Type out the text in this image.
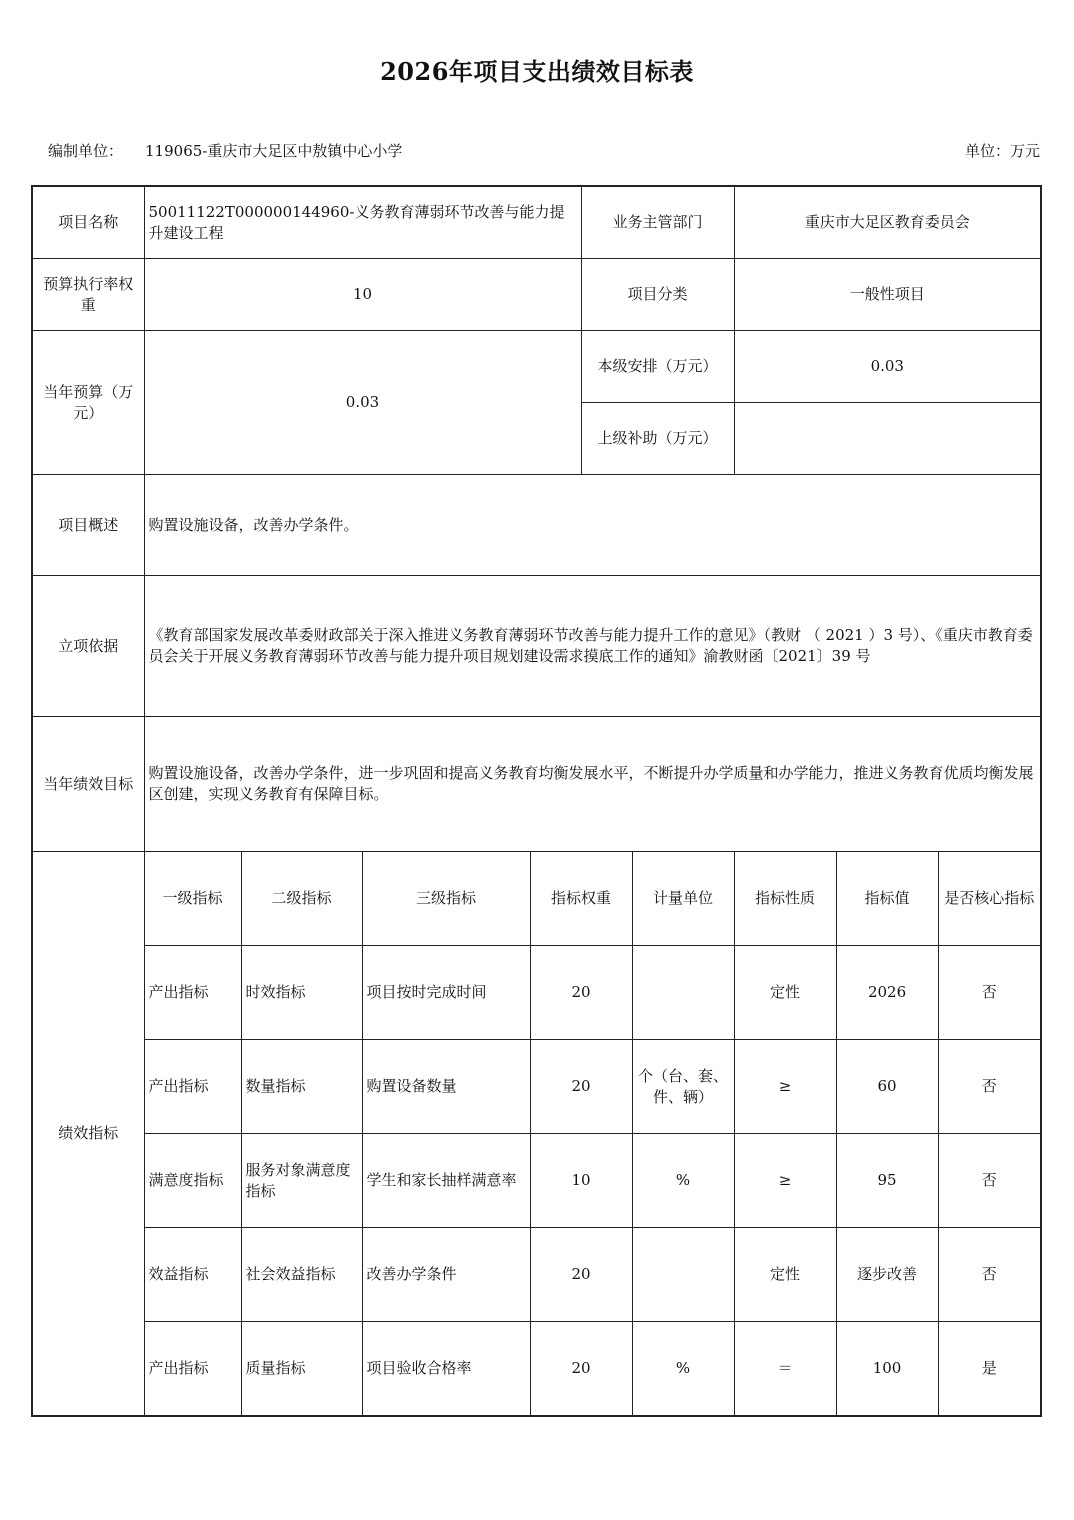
2026年项目支出绩效目标表
编制单位： 119065-重庆市大足区中敖镇中心小学	单位：万元
项目名称	50011122T000000144960-义务教育薄弱环节改善与能力提升建设工程				业务主管部门		重庆市大足区教育委员会		
预算执行率权重	10				项目分类		一般性项目		
当年预算（万元）	0.03				本级安排（万元）		0.03		
					上级补助（万元）				
项目概述	购置设施设备，改善办学条件。								
立项依据	《教育部国家发展改革委财政部关于深入推进义务教育薄弱环节改善与能力提升工作的意见》（教财 （ 2021 ）3 号）、《重庆市教育委员会关于开展义务教育薄弱环节改善与能力提升项目规划建设需求摸底工作的通知》渝教财函〔2021〕39 号								
当年绩效目标	购置设施设备，改善办学条件，进一步巩固和提高义务教育均衡发展水平，不断提升办学质量和办学能力，推进义务教育优质均衡发展区创建，实现义务教育有保障目标。								
绩效指标	一级指标	二级指标	三级指标	指标权重		计量单位	指标性质	指标值	是否核心指标
	产出指标	时效指标	项目按时完成时间	20			定性	2026	否
	产出指标	数量指标	购置设备数量	20		个（台、套、件、辆）	≥	60	否
	满意度指标	服务对象满意度指标	学生和家长抽样满意率	10		%	≥	95	否
	效益指标	社会效益指标	改善办学条件	20			定性	逐步改善	否
	产出指标	质量指标	项目验收合格率	20		%	＝	100	是
